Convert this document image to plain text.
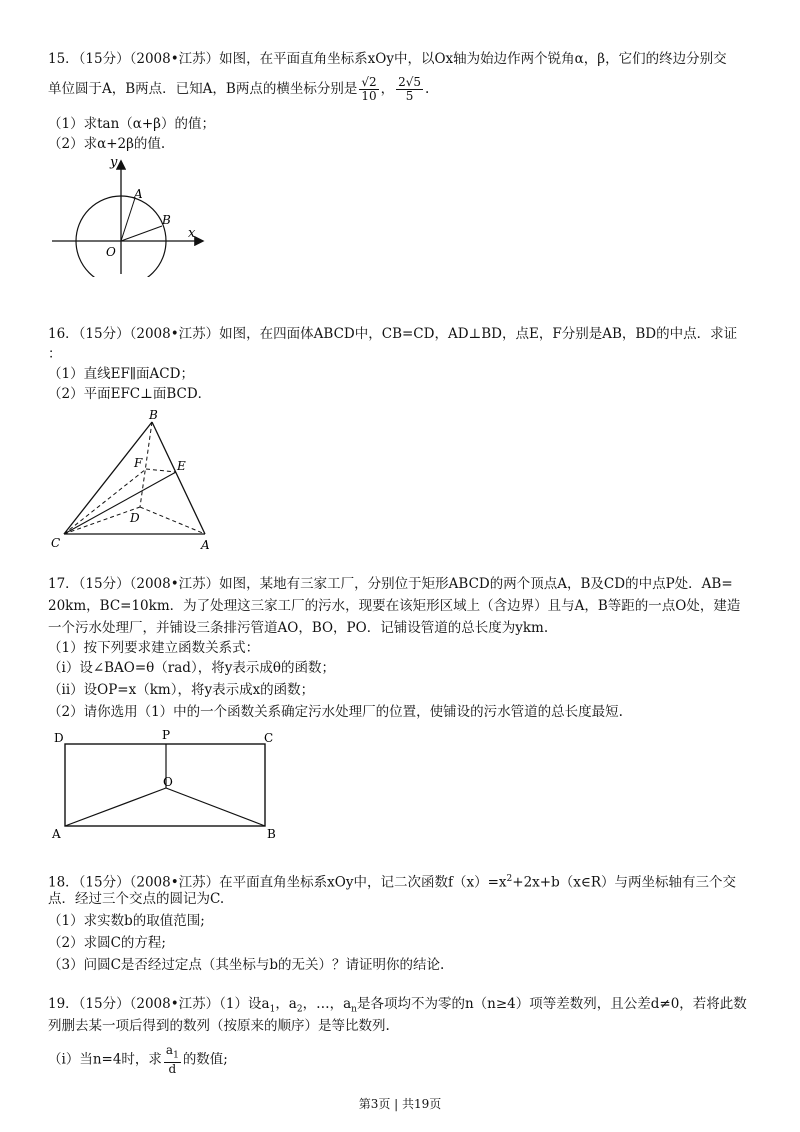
15．（15分）（2008•江苏）如图，在平面直角坐标系xOy中，以Ox轴为始边作两个锐角α，β，它们的终边分别交
单位圆于A，B两点．已知A，B两点的横坐标分别是 $\frac{√2}{10}$ ， $\frac{2√5}{5}$ .
（1）求tan（α+β）的值；
（2）求α+2β的值.
y
x
A
B
O
16．（15分）（2008•江苏）如图，在四面体ABCD中，CB=CD，AD⊥BD，点E，F分别是AB，BD的中点．求证
：
（1）直线EF∥面ACD；
（2）平面EFC⊥面BCD．
B
F	E
D
C	A
17．（15分）（2008•江苏）如图，某地有三家工厂，分别位于矩形ABCD的两个顶点A，B及CD的中点P处．AB=
20km，BC=10km．为了处理这三家工厂的污水，现要在该矩形区域上（含边界）且与A，B等距的一点O处，建造
一个污水处理厂，并铺设三条排污管道AO，BO，PO．记铺设管道的总长度为ykm.
（1）按下列要求建立函数关系式：
（i）设∠BAO=θ（rad），将y表示成θ的函数；
（ii）设OP=x（km），将y表示成x的函数；
（2）请你选用（1）中的一个函数关系确定污水处理厂的位置，使铺设的污水管道的总长度最短.
D	P	C
O
A	B
18．（15分）（2008•江苏）在平面直角坐标系xOy中，记二次函数$f(x)=x^2+2x+b(x\in R)$与两坐标轴有三个交
点．经过三个交点的圆记为C.
（1）求实数b的取值范围;
（2）求圆C的方程;
（3）问圆C是否经过定点（其坐标与b的无关）？请证明你的结论.
19．（15分）（2008•江苏）（1）设$a_1$，$a_2$，…，$a_n$是各项均不为零的n（n≥4）项等差数列，且公差d≠0，若将此数
列删去某一项后得到的数列（按原来的顺序）是等比数列.
（i）当n=4时，求 $\frac{a_1}{d}$ 的数值;
第3页 | 共19页
